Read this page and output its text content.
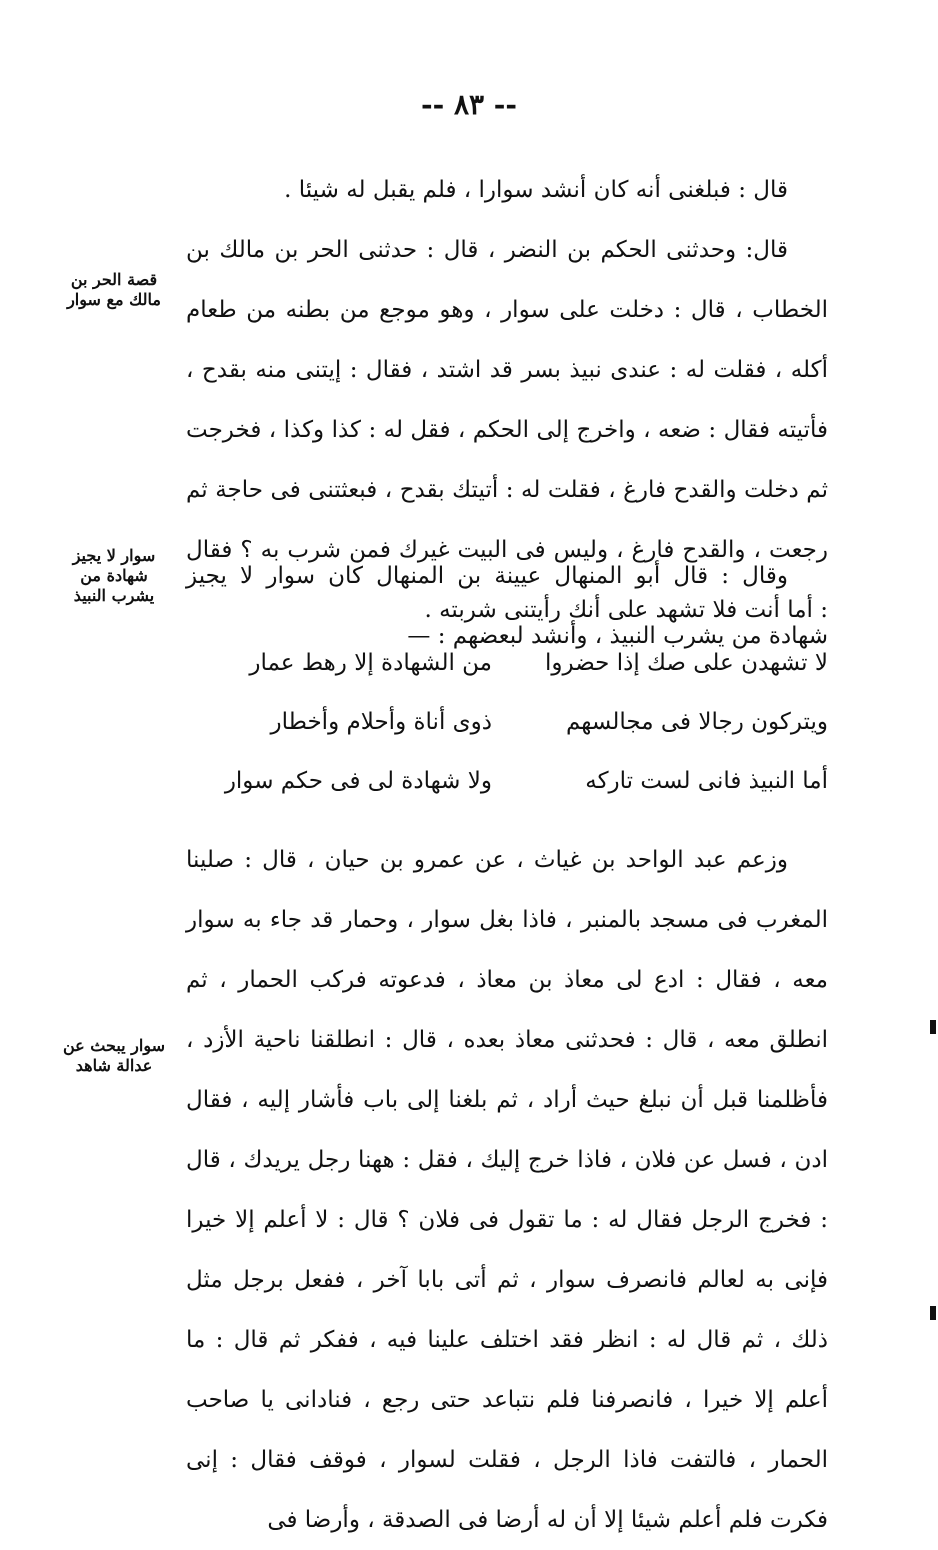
-- ٨٣ --
قصة الحر بن مالك مع سوار
سوار لا يجيز شهادة من يشرب النبيذ
سوار يبحث عن عدالة شاهد

قال : فبلغنى أنه كان أنشد سوارا ، فلم يقبل له شيئا .

قال: وحدثنى الحكم بن النضر ، قال : حدثنى الحر بن مالك بن الخطاب ، قال : دخلت على سوار ، وهو موجع من بطنه من طعام أكله ، فقلت له : عندى نبيذ بسر قد اشتد ، فقال : إيتنى منه بقدح ، فأتيته فقال : ضعه ، واخرج إلى الحكم ، فقل له : كذا وكذا ، فخرجت ثم دخلت والقدح فارغ ، فقلت له : أتيتك بقدح ، فبعثتنى فى حاجة ثم رجعت ، والقدح فارغ ، وليس فى البيت غيرك فمن شرب به ؟ فقال : أما أنت فلا تشهد على أنك رأيتنى شربته .

وقال : قال أبو المنهال عيينة بن المنهال كان سوار لا يجيز شهادة من يشرب النبيذ ، وأنشد لبعضهم : —

لا تشهدن على صك إذا حضروا
من الشهادة إلا رهط عمار
ويتركون رجالا فى مجالسهم
ذوى أناة وأحلام وأخطار
أما النبيذ فانى لست تاركه
ولا شهادة لى فى حكم سوار

وزعم عبد الواحد بن غياث ، عن عمرو بن حيان ، قال : صلينا المغرب فى مسجد بالمنبر ، فاذا بغل سوار ، وحمار قد جاء به سوار معه ، فقال : ادع لى معاذ بن معاذ ، فدعوته فركب الحمار ، ثم انطلق معه ، قال : فحدثنى معاذ بعده ، قال : انطلقنا ناحية الأزد ، فأظلمنا قبل أن نبلغ حيث أراد ، ثم بلغنا إلى باب فأشار إليه ، فقال ادن ، فسل عن فلان ، فاذا خرج إليك ، فقل : ههنا رجل يريدك ، قال : فخرج الرجل فقال له : ما تقول فى فلان ؟ قال : لا أعلم إلا خيرا فإنى به لعالم فانصرف سوار ، ثم أتى بابا آخر ، ففعل برجل مثل ذلك ، ثم قال له : انظر فقد اختلف علينا فيه ، ففكر ثم قال : ما أعلم إلا خيرا ، فانصرفنا فلم نتباعد حتى رجع ، فنادانى يا صاحب الحمار ، فالتفت فاذا الرجل ، فقلت لسوار ، فوقف فقال : إنى فكرت فلم أعلم شيئا إلا أن له أرضا فى الصدقة ، وأرضا فى
